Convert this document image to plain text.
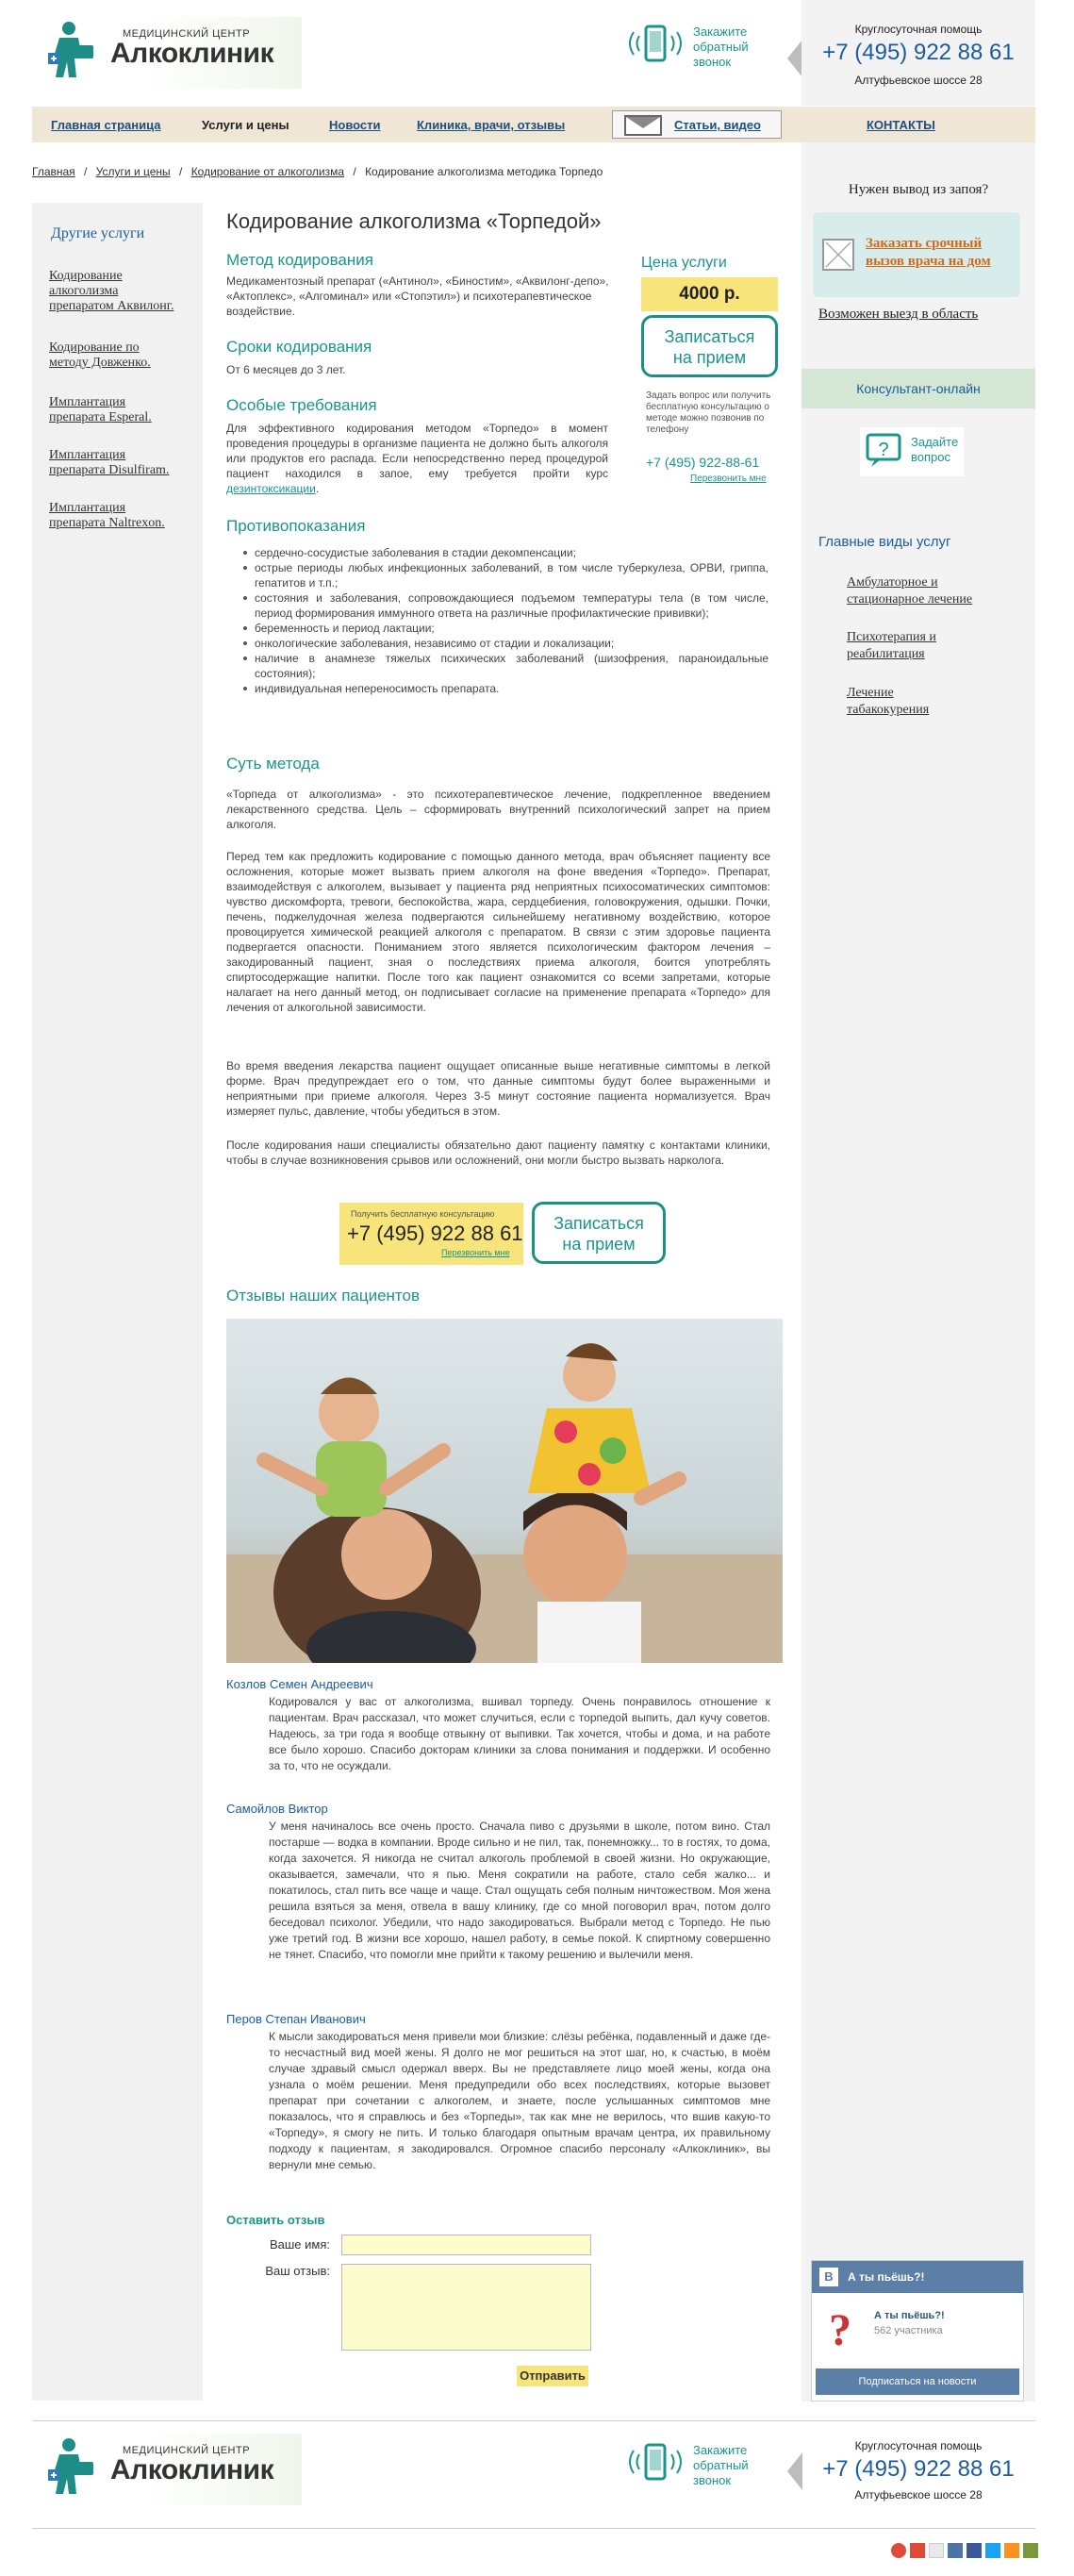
МЕДИЦИНСКИЙ ЦЕНТР
Алкоклиник
Закажите
обратный
звонок
Круглосуточная помощь
+7 (495) 922 88 61
Алтуфьевское шоссе 28
Главная страница	Услуги и цены	Новости	Клиника, врачи, отзывы	Статьи, видео	КОНТАКТЫ
Нужен вывод из запоя?
Заказать срочный
вызов врача на дом
Возможен выезд в область
Консультант-онлайн
? Задайте
вопрос
Главные виды услуг
Амбулаторное и
стационарное лечение
Психотерапия и
реабилитация
Лечение
табакокурения
B	А ты пьёшь?!
? А ты пьёшь?!
562 участника
Подписаться на новости
Главная / Услуги и цены / Кодирование от алкоголизма / Кодирование алкоголизма методика Торпедо
Другие услуги
Кодирование
алкоголизма
препаратом Аквилонг.
Кодирование по
методу Довженко.
Имплантация
препарата Esperal.
Имплантация
препарата Disulfiram.
Имплантация
препарата Naltrexon.
Кодирование алкоголизма «Торпедой»
Метод кодирования

Медикаментозный препарат («Антинол», «Биностим», «Аквилонг-депо», «Актоплекс», «Алгоминал» или «Стопэтил») и психотерапевтическое воздействие.

Сроки кодирования

От 6 месяцев до 3 лет.

Особые требования

Для эффективного кодирования методом «Торпедо» в момент проведения процедуры в организме пациента не должно быть алкоголя или продуктов его распада. Если непосредственно перед процедурой пациент находился в запое, ему требуется пройти курс дезинтоксикации.

Цена услуги
4000 р.
Записаться
на прием
Задать вопрос или получить бесплатную консультацию о методе можно позвонив по телефону
+7 (495) 922-88-61
Перезвонить мне
Противопоказания
сердечно-сосудистые заболевания в стадии декомпенсации;
острые периоды любых инфекционных заболеваний, в том числе туберкулеза, ОРВИ, гриппа, гепатитов и т.п.;
состояния и заболевания, сопровождающиеся подъемом температуры тела (в том числе, период формирования иммунного ответа на различные профилактические прививки);
беременность и период лактации;
онкологические заболевания, независимо от стадии и локализации;
наличие в анамнезе тяжелых психических заболеваний (шизофрения, параноидальные состояния);
индивидуальная непереносимость препарата.
Суть метода

«Торпеда от алкоголизма» - это психотерапевтическое лечение, подкрепленное введением лекарственного средства. Цель – сформировать внутренний психологический запрет на прием алкоголя.

Перед тем как предложить кодирование с помощью данного метода, врач объясняет пациенту все осложнения, которые может вызвать прием алкоголя на фоне введения «Торпедо». Препарат, взаимодействуя с алкоголем, вызывает у пациента ряд неприятных психосоматических симптомов: чувство дискомфорта, тревоги, беспокойства, жара, сердцебиения, головокружения, одышки. Почки, печень, поджелудочная железа подвергаются сильнейшему негативному воздействию, которое провоцируется химической реакцией алкоголя с препаратом. В связи с этим здоровье пациента подвергается опасности. Пониманием этого является психологическим фактором лечения – закодированный пациент, зная о последствиях приема алкоголя, боится употреблять спиртосодержащие напитки. После того как пациент ознакомится со всеми запретами, которые налагает на него данный метод, он подписывает согласие на применение препарата «Торпедо» для лечения от алкогольной зависимости.

Во время введения лекарства пациент ощущает описанные выше негативные симптомы в легкой форме. Врач предупреждает его о том, что данные симптомы будут более выраженными и неприятными при приеме алкоголя. Через 3-5 минут состояние пациента нормализуется. Врач измеряет пульс, давление, чтобы убедиться в этом.

После кодирования наши специалисты обязательно дают пациенту памятку с контактами клиники, чтобы в случае возникновения срывов или осложнений, они могли быстро вызвать нарколога.

Получить бесплатную консультацию
+7 (495) 922 88 61
Перезвонить мне
Записаться
на прием
Отзывы наших пациентов
Козлов Семен Андреевич
Кодировался у вас от алкоголизма, вшивал торпеду. Очень понравилось отношение к пациентам. Врач рассказал, что может случиться, если с торпедой выпить, дал кучу советов. Надеюсь, за три года я вообще отвыкну от выпивки. Так хочется, чтобы и дома, и на работе все было хорошо. Спасибо докторам клиники за слова понимания и поддержки. И особенно за то, что не осуждали.
Самойлов Виктор
У меня начиналось все очень просто. Сначала пиво с друзьями в школе, потом вино. Стал постарше — водка в компании. Вроде сильно и не пил, так, понемножку... то в гостях, то дома, когда захочется. Я никогда не считал алкоголь проблемой в своей жизни. Но окружающие, оказывается, замечали, что я пью. Меня сократили на работе, стало себя жалко... и покатилось, стал пить все чаще и чаще. Стал ощущать себя полным ничтожеством. Моя жена решила взяться за меня, отвела в вашу клинику, где со мной поговорил врач, потом долго беседовал психолог. Убедили, что надо закодироваться. Выбрали метод с Торпедо. Не пью уже третий год. В жизни все хорошо, нашел работу, в семье покой. К спиртному совершенно не тянет. Спасибо, что помогли мне прийти к такому решению и вылечили меня.
Перов Степан Иванович
К мысли закодироваться меня привели мои близкие: слёзы ребёнка, подавленный и даже где-то несчастный вид моей жены. Я долго не мог решиться на этот шаг, но, к счастью, в моём случае здравый смысл одержал вверх. Вы не представляете лицо моей жены, когда она узнала о моём решении. Меня предупредили обо всех последствиях, которые вызовет препарат при сочетании с алкоголем, и знаете, после услышанных симптомов мне показалось, что я справлюсь и без «Торпеды», так как мне не верилось, что вшив какую-то «Торпеду», я смогу не пить. И только благодаря опытным врачам центра, их правильному подходу к пациентам, я закодировался. Огромное спасибо персоналу «Алкоклиник», вы вернули мне семью.
Оставить отзыв
Ваше имя:
Ваш отзыв:
Отправить
МЕДИЦИНСКИЙ ЦЕНТР
Алкоклиник
Закажите
обратный
звонок
Круглосуточная помощь
+7 (495) 922 88 61
Алтуфьевское шоссе 28
